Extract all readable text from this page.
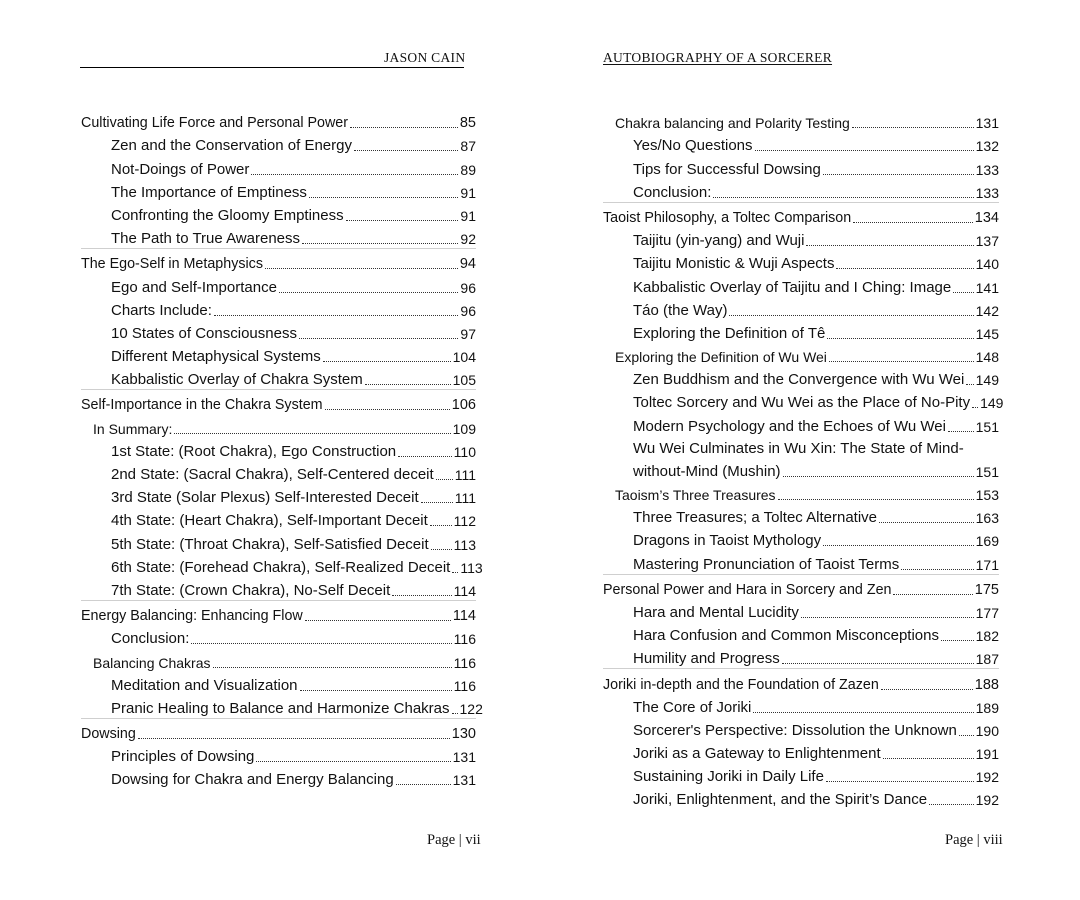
JASON CAIN
Cultivating Life Force and Personal Power	85
Zen and the Conservation of Energy	87
Not-Doings of Power	89
The Importance of Emptiness	91
Confronting the Gloomy Emptiness	91
The Path to True Awareness	92
The Ego-Self in Metaphysics	94
Ego and Self-Importance	96
Charts Include:	96
10 States of Consciousness	97
Different Metaphysical Systems	104
Kabbalistic Overlay of Chakra System	105
Self-Importance in the Chakra System	106
In Summary:	109
1st State: (Root Chakra), Ego Construction	110
2nd State: (Sacral Chakra), Self-Centered deceit 111
3rd State (Solar Plexus) Self-Interested Deceit	111
4th State: (Heart Chakra), Self-Important Deceit 112
5th State: (Throat Chakra), Self-Satisfied Deceit 113
6th State: (Forehead Chakra), Self-Realized Deceit 113
7th State: (Crown Chakra), No-Self Deceit	114
Energy Balancing: Enhancing Flow	114
Conclusion:	116
Balancing Chakras	116
Meditation and Visualization	116
Pranic Healing to Balance and Harmonize Chakras 122
Dowsing	130
Principles of Dowsing	131
Dowsing for Chakra and Energy Balancing	131
Page | vii
AUTOBIOGRAPHY OF A SORCERER
Chakra balancing and Polarity Testing	131
Yes/No Questions	132
Tips for Successful Dowsing	133
Conclusion:	133
Taoist Philosophy, a Toltec Comparison	134
Taijitu (yin-yang) and Wuji	137
Taijitu Monistic & Wuji Aspects	140
Kabbalistic Overlay of Taijitu and I Ching: Image 141
Táo (the Way)	142
Exploring the Definition of Tê	145
Exploring the Definition of Wu Wei	148
Zen Buddhism and the Convergence with Wu Wei 149
Toltec Sorcery and Wu Wei as the Place of No-Pity 149
Modern Psychology and the Echoes of Wu Wei 151
Wu Wei Culminates in Wu Xin: The State of Mind-
without-Mind (Mushin)	151
Taoism’s Three Treasures	153
Three Treasures; a Toltec Alternative	163
Dragons in Taoist Mythology	169
Mastering Pronunciation of Taoist Terms	171
Personal Power and Hara in Sorcery and Zen	175
Hara and Mental Lucidity	177
Hara Confusion and Common Misconceptions	182
Humility and Progress	187
Joriki in-depth and the Foundation of Zazen	188
The Core of Joriki	189
Sorcerer's Perspective: Dissolution the Unknown 190
Joriki as a Gateway to Enlightenment	191
Sustaining Joriki in Daily Life	192
Joriki, Enlightenment, and the Spirit’s Dance	192
Page | viii
